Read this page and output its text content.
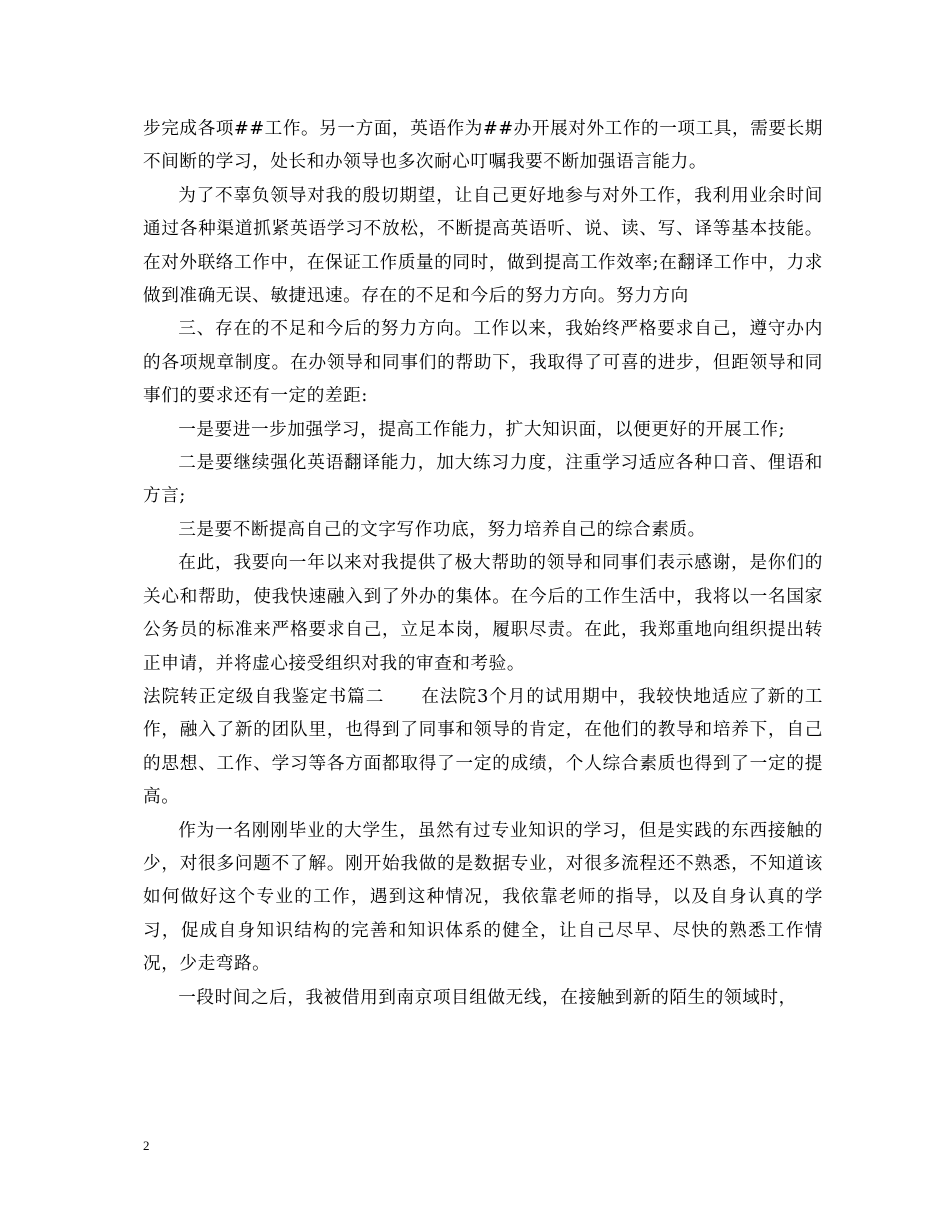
步完成各项##工作。另一方面，英语作为##办开展对外工作的一项工具，需要长期不间断的学习，处长和办领导也多次耐心叮嘱我要不断加强语言能力。

为了不辜负领导对我的殷切期望，让自己更好地参与对外工作，我利用业余时间通过各种渠道抓紧英语学习不放松，不断提高英语听、说、读、写、译等基本技能。在对外联络工作中，在保证工作质量的同时，做到提高工作效率;在翻译工作中，力求做到准确无误、敏捷迅速。存在的不足和今后的努力方向。努力方向

三、存在的不足和今后的努力方向。工作以来，我始终严格要求自己，遵守办内的各项规章制度。在办领导和同事们的帮助下，我取得了可喜的进步，但距领导和同事们的要求还有一定的差距:

一是要进一步加强学习，提高工作能力，扩大知识面，以便更好的开展工作;

二是要继续强化英语翻译能力，加大练习力度，注重学习适应各种口音、俚语和方言;

三是要不断提高自己的文字写作功底，努力培养自己的综合素质。

在此，我要向一年以来对我提供了极大帮助的领导和同事们表示感谢，是你们的关心和帮助，使我快速融入到了外办的集体。在今后的工作生活中，我将以一名国家公务员的标准来严格要求自己，立足本岗，履职尽责。在此，我郑重地向组织提出转正申请，并将虚心接受组织对我的审查和考验。

法院转正定级自我鉴定书篇二　　 在法院3个月的试用期中，我较快地适应了新的工作，融入了新的团队里，也得到了同事和领导的肯定，在他们的教导和培养下，自己的思想、工作、学习等各方面都取得了一定的成绩，个人综合素质也得到了一定的提高。

作为一名刚刚毕业的大学生，虽然有过专业知识的学习，但是实践的东西接触的少，对很多问题不了解。刚开始我做的是数据专业，对很多流程还不熟悉，不知道该如何做好这个专业的工作，遇到这种情况，我依靠老师的指导，以及自身认真的学习，促成自身知识结构的完善和知识体系的健全，让自己尽早、尽快的熟悉工作情况，少走弯路。

一段时间之后，我被借用到南京项目组做无线，在接触到新的陌生的领域时，

2
